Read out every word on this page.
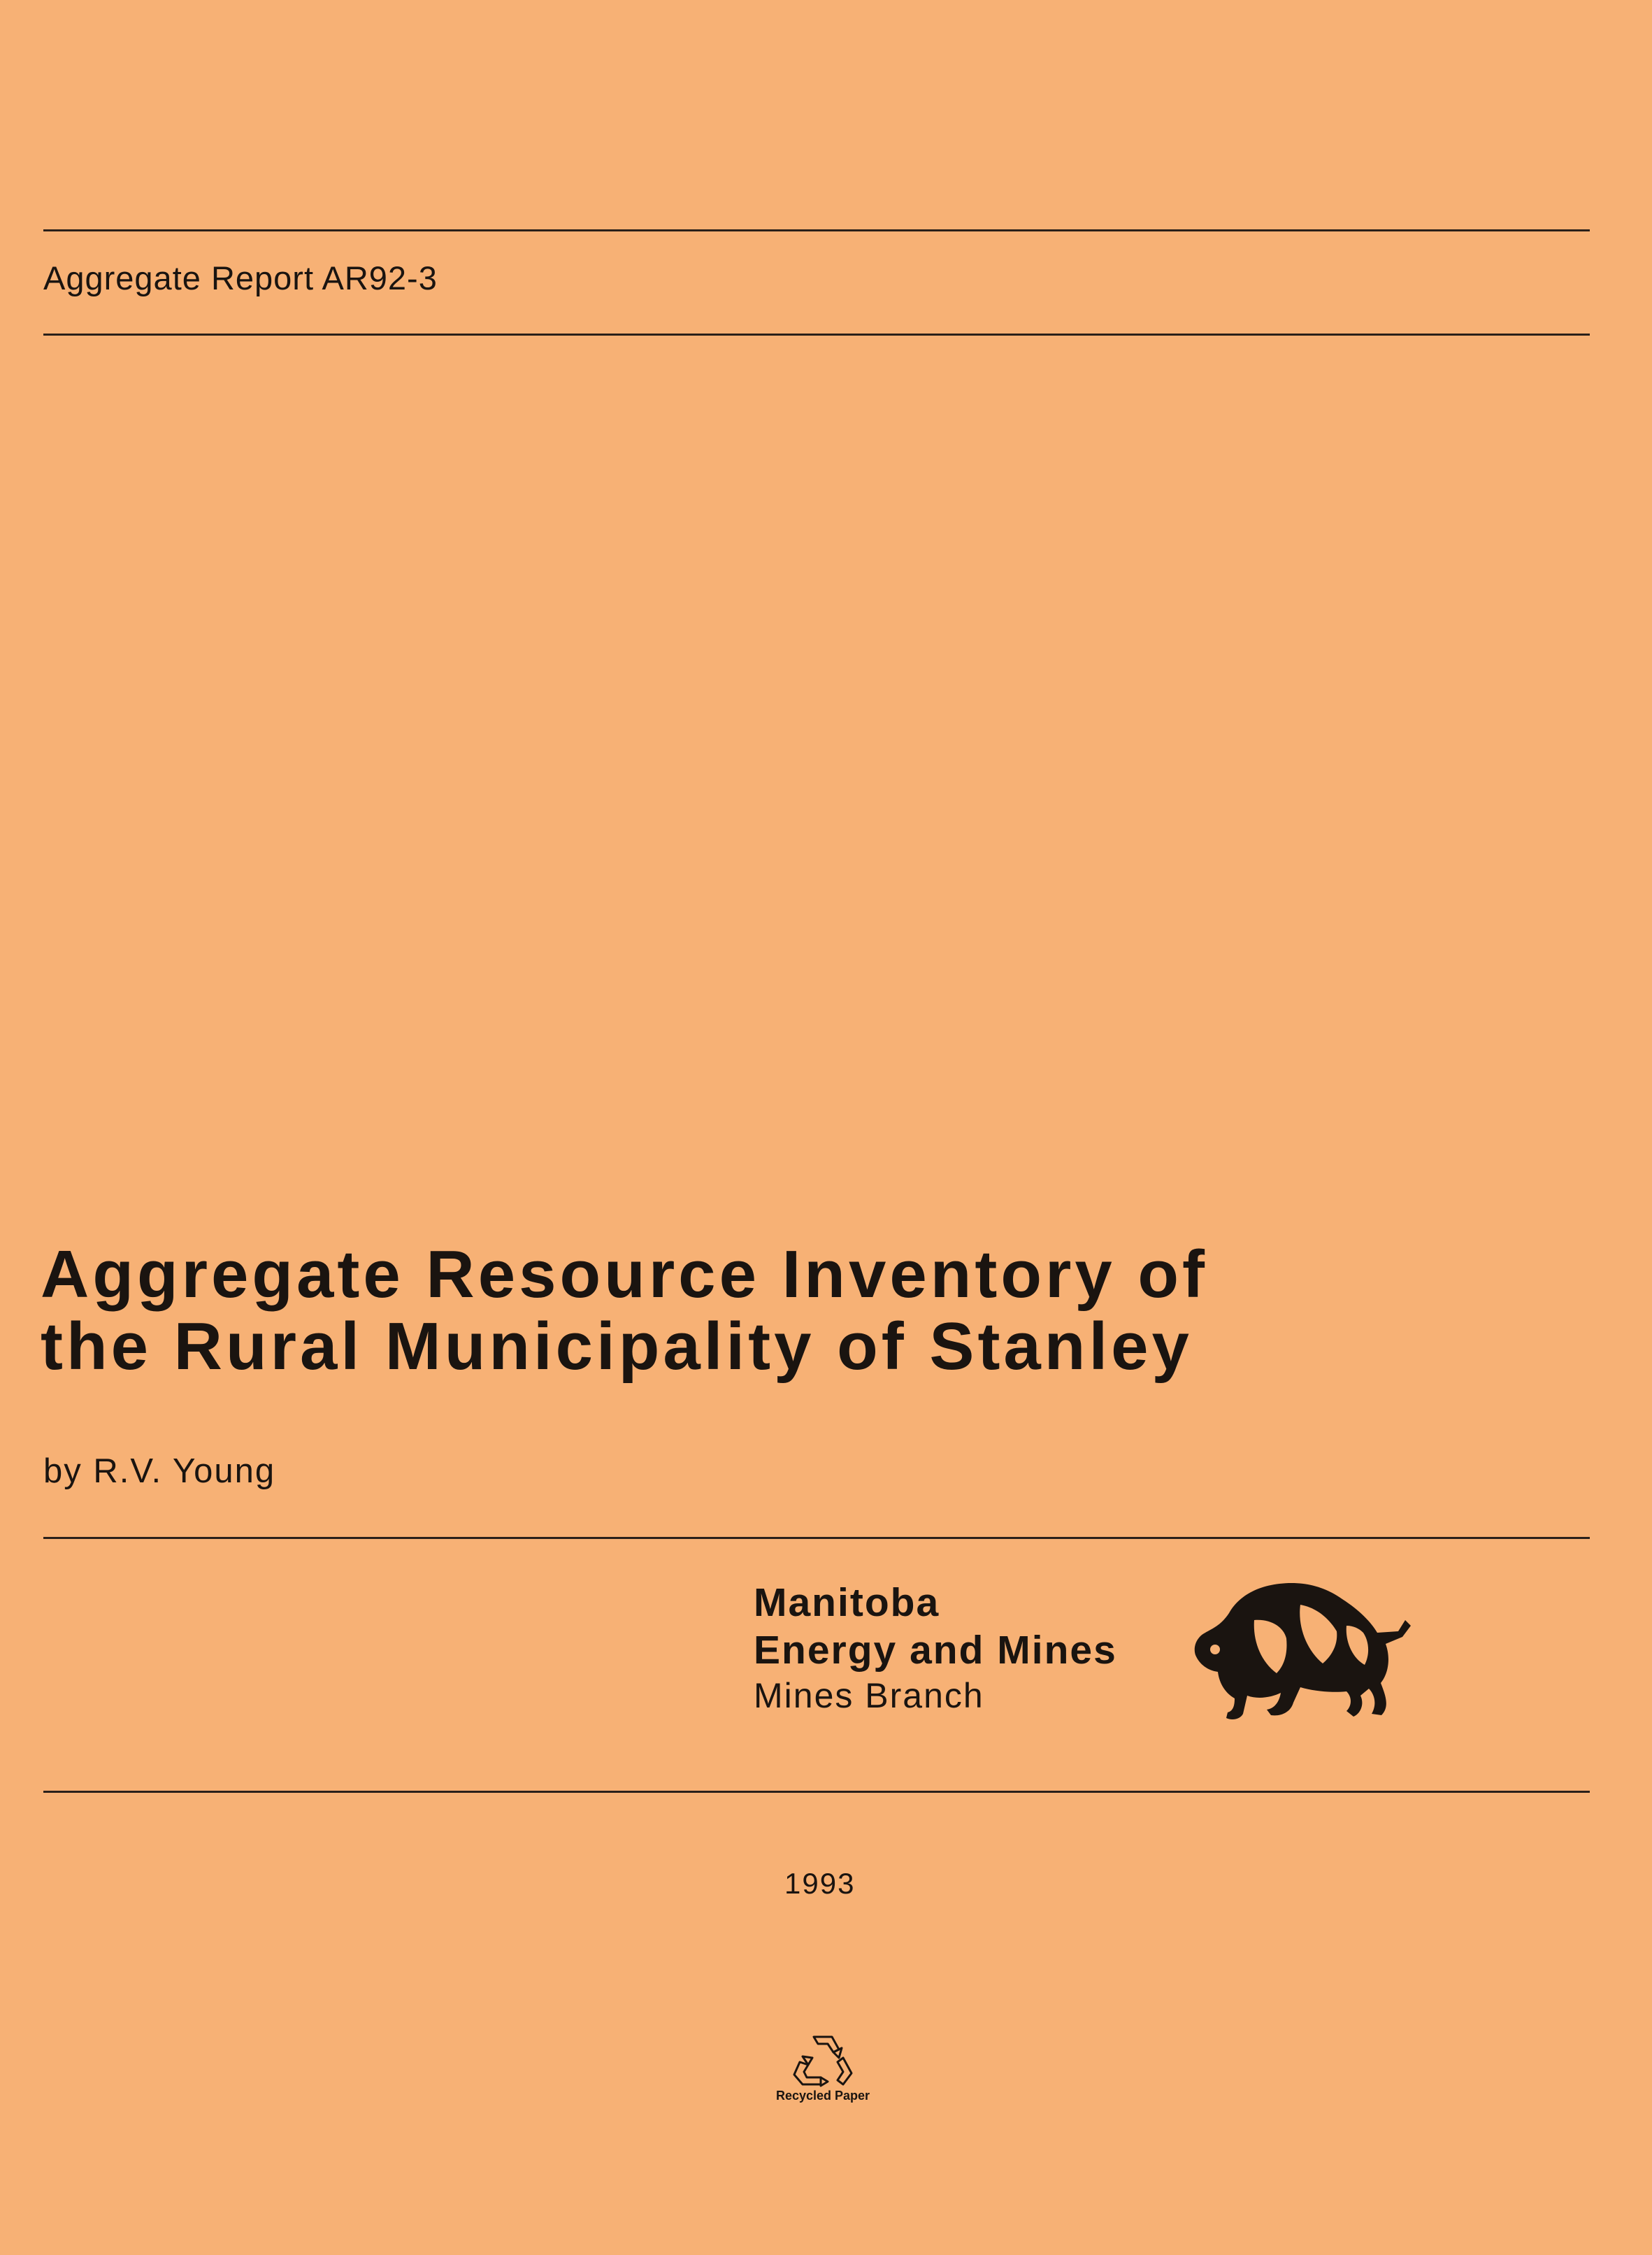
Aggregate Report AR92-3
Aggregate Resource Inventory of
the Rural Municipality of Stanley
by R.V. Young
Manitoba
Energy and Mines
Mines Branch
1993
Recycled Paper
